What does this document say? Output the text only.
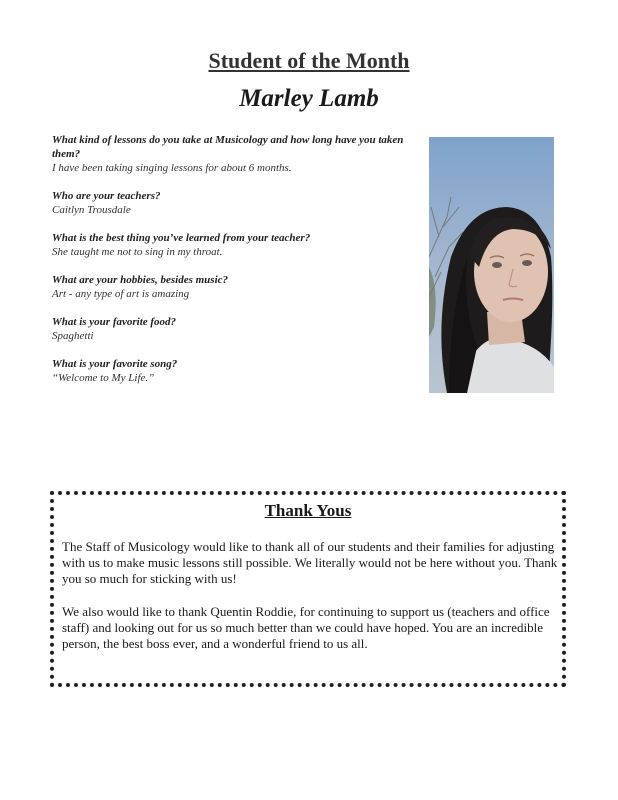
Student of the Month
Marley Lamb
What kind of lessons do you take at Musicology and how long have you taken them?
I have been taking singing lessons for about 6 months.
Who are your teachers?
Caitlyn Trousdale
What is the best thing you’ve learned from your teacher?
She taught me not to sing in my throat.
What are your hobbies, besides music?
Art - any type of art is amazing
What is your favorite food?
Spaghetti
What is your favorite song?
“Welcome to My Life.”
Thank Yous
The Staff of Musicology would like to thank all of our students and their families for adjusting with us to make music lessons still possible. We literally would not be here without you. Thank you so much for sticking with us!
We also would like to thank Quentin Roddie, for continuing to support us (teachers and office staff) and looking out for us so much better than we could have hoped. You are an incredible person, the best boss ever, and a wonderful friend to us all.
